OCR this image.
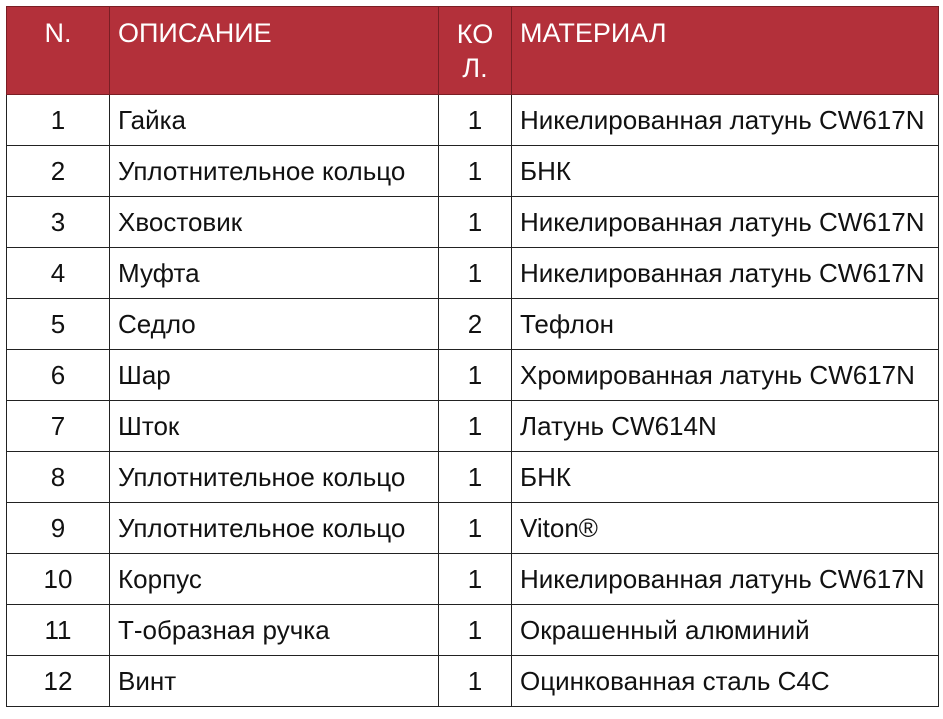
N.	ОПИСАНИЕ	КОЛ.	МАТЕРИАЛ
1	Гайка	1	Никелированная латунь CW617N
2	Уплотнительное кольцо	1	БНК
3	Хвостовик	1	Никелированная латунь CW617N
4	Муфта	1	Никелированная латунь CW617N
5	Седло	2	Тефлон
6	Шар	1	Хромированная латунь CW617N
7	Шток	1	Латунь CW614N
8	Уплотнительное кольцо	1	БНК
9	Уплотнительное кольцо	1	Viton®
10	Корпус	1	Никелированная латунь CW617N
11	Т-образная ручка	1	Окрашенный алюминий
12	Винт	1	Оцинкованная сталь С4С
